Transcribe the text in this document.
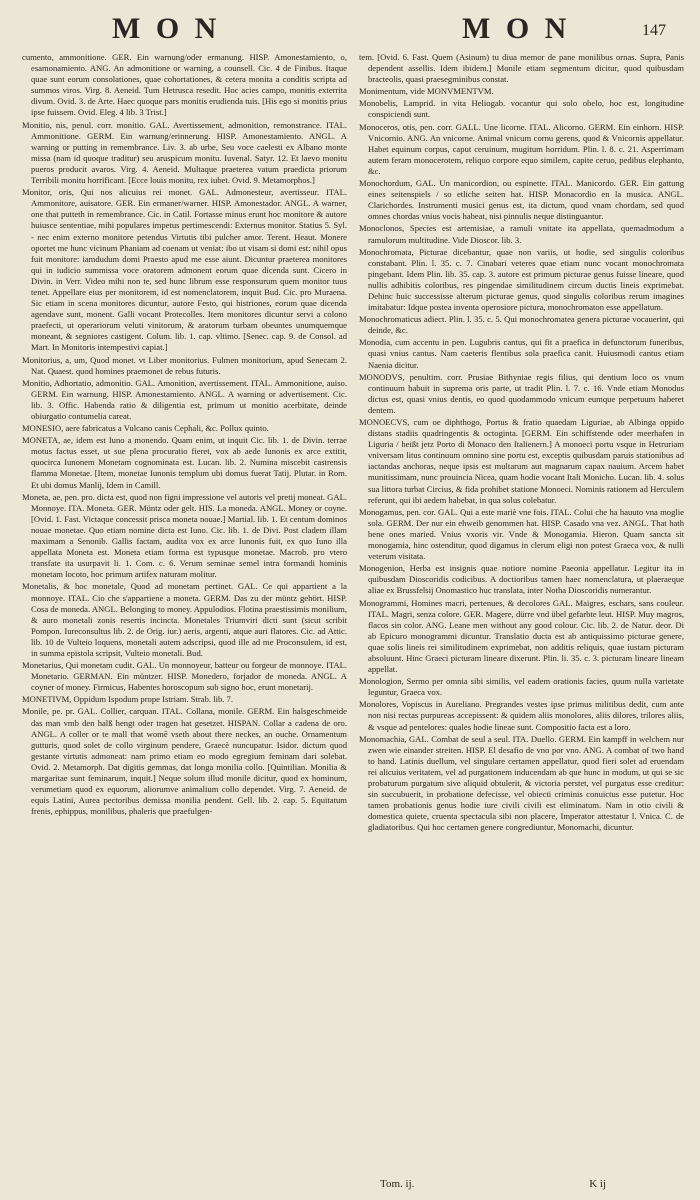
M O N	M O N	147

cumento, ammonitione. GER. Ein warnung/oder ermanung. HISP. Amonestamiento, o, esamonamiento. ANG. An admonitione or warning, a counsell. Cic. 4 de Finibus. Itaque quae sunt eorum consolationes, quae cohortationes, & cetera monita a conditis scripta ad summos viros. Virg. 8. Aeneid. Tum Hetrusca resedit. Hoc acies campo, monitis exterrita divum. Ovid. 3. de Arte. Haec quoque pars monitis erudienda tuis. [His ego si monitis prius ipse fuissem. Ovid. Eleg. 4 lib. 3 Trist.]

Monitio, nis, penul. corr. monitio. GAL. Avertissement, admonition, remonstrance. ITAL. Ammonitione. GERM. Ein warnung/erinnerung. HISP. Amonestamiento. ANGL. A warning or putting in remembrance. Liv. 3. ab urbe, Seu voce caelesti ex Albano monte missa (nam id quoque traditur) seu aruspicum monitu. Iuvenal. Satyr. 12. Et laevo monitu pueros producit avaros. Virg. 4. Aeneid. Multaque praeterea vatum praedicta priorum Terribili monitu horrificant. [Ecce louis monitu, rex iubet. Ovid. 9. Metamorphos.]

Monitor, oris, Qui nos alicuius rei monet. GAL. Admonesteur, avertisseur. ITAL. Ammonitore, auisatore. GER. Ein ermaner/warner. HISP. Amonestador. ANGL. A warner, one that putteth in remembrance. Cic. in Catil. Fortasse minus erunt hoc monitore & autore huiusce sententiae, mihi populares impetus pertimescendi: Externus monitor. Statius 5. Syl. - nec enim externo monitore petendus Virtutis tibi pulcher amor. Terent. Heaut. Monere oportet me hunc vicinum Phaniam ad coenam ut veniat: ibo ut visam si domi est: nihil opus fuit monitore: iamdudum domi Praesto apud me esse aiunt. Dicuntur praeterea monitores qui in iudicio summissa voce oratorem admonent eorum quae dicenda sunt. Cicero in Divin. in Verr. Video mihi non te, sed hunc librum esse responsurum quem monitor tuus tenet. Appellare eius per monitorem, id est nomenclatorem, inquit Bud. Cic. pro Muraena. Sic etiam in scena monitores dicuntur, autore Festo, qui histriones, eorum quae dicenda agendave sunt, monent. Galli vocant Protecolles. Item monitores dicuntur servi a colono praefecti, ut operariorum veluti vinitorum, & aratorum turbam obeuntes unumquemque moneant, & segniores castigent. Colum. lib. 1. cap. vltimo. [Senec. cap. 9. de Consol. ad Mart. In Monitoris intempestivi capiat.]

Monitorius, a, um, Quod monet. vt Liber monitorius. Fulmen monitorium, apud Senecam 2. Nat. Quaest. quod homines praemonet de rebus futuris.

Monitio, Adhortatio, admonitio. GAL. Amonition, avertissement. ITAL. Ammonitione, auiso. GERM. Ein warnung. HISP. Amonestamiento. ANGL. A warning or advertisement. Cic. lib. 3. Offic. Habenda ratio & diligentia est, primum ut monitio acerbitate, deinde obiurgatio contumelia careat.

MONESIO, aere fabricatus a Vulcano canis Cephali, &c. Pollux quinto.

MONETA, ae, idem est Iuno a monendo. Quam enim, ut inquit Cic. lib. 1. de Divin. terrae motus factus esset, ut sue plena procuratio fieret, vox ab aede Iunonis ex arce extitit, quocirca Iunonem Monetam cognominata est. Lucan. lib. 2. Numina miscebit castrensis flamma Monetae. [Item, monetae Iunonis templum ubi domus fuerat Tatij. Plutar. in Rom. Et ubi domus Manlij, Idem in Camill.

Moneta, ae, pen. pro. dicta est, quod non figni impressione vel autoris vel pretij moneat. GAL. Monnoye. ITA. Moneta. GER. Müntz oder gelt. HIS. La moneda. ANGL. Money or coyne. [Ovid. 1. Fast. Victaque concessit prisca moneta nouae.] Martial. lib. 1. Et centum dominos nouae monetae. Quo etiam nomine dicta est Iuno. Cic. lib. 1. de Divi. Post cladem illam maximam a Senonib. Gallis factam, audita vox ex arce Iunonis fuit, ex quo Iuno illa appellata Moneta est. Moneta etiam forma est typusque monetae. Macrob. pro vtero transfate ita usurpavit li. 1. Com. c. 6. Verum seminae semel intra formandi hominis monetam locoto, hoc primum artifex naturam molitur.

Monetalis, & hoc monetale, Quod ad monetam pertinet. GAL. Ce qui appartient a la monnoye. ITAL. Cio che s'appartiene a moneta. GERM. Das zu der müntz gehört. HISP. Cosa de moneda. ANGL. Belonging to money. Appulodios. Flotina praestissimis monilium, & auro monetali zonis resertis incincta. Monetales Triumviri dicti sunt (sicut scribit Pompon. Iureconsultus lib. 2. de Orig. iur.) aeris, argenti, atque auri flatores. Cic. ad Attic. lib. 10 de Vulteio loquens, monetali autem adscripsi, quod ille ad me Proconsulem, id est, in summa epistola scripsit, Vulteio monetali. Bud.

Monetarius, Qui monetam cudit. GAL. Un monnoyeur, batteur ou forgeur de monnoye. ITAL. Monetario. GERMAN. Ein müntzer. HISP. Monedero, forjador de moneda. ANGL. A coyner of money. Firmicus, Habentes horoscopum sub signo hoc, erunt monetarij.

MONETIVM, Oppidum Ispodum prope Istriam. Strab. lib. 7.

Monile, pe. pr. GAL. Collier, carquan. ITAL. Collana, monile. GERM. Ein halsgeschmeide das man vmb den halß hengt oder tragen hat gesetzet. HISPAN. Collar a cadena de oro. ANGL. A coller or te mall that womē vseth about there neckes, an ouche. Ornamentum gutturis, quod solet de collo virginum pendere, Graecè nuncupatur. Isidor. dictum quod gestante virtutis admoneat: nam primo etiam eo modo egregium feminam dari solebat. Ovid. 2. Metamorph. Dat digitis gemmas, dat longa monilia collo. [Quintilian. Monilia & margaritae sunt feminarum, inquit.] Neque solum illud monile dicitur, quod ex hominum, verumetiam quod ex equorum, aliorumve animalium collo dependet. Virg. 7. Aeneid. de equis Latini, Aurea pectoribus demissa monilia pendent. Gell. lib. 2. cap. 5. Equitatum frenis, ephippus, monilibus, phaleris que praefulgen-

tem. [Ovid. 6. Fast. Quem (Asinum) tu diua memor de pane monilibus ornas. Supra, Panis dependent assellis. Idem ibidem.] Monile etiam segmentum dicitur, quod quibusdam bracteolis, quasi praesegminibus constat.

Monimentum, vide MONVMENTVM.

Monobelis, Lamprid. in vita Heliogab. vocantur qui solo obelo, hoc est, longitudine conspiciendi sunt.

Monoceros, otis, pen. corr. GALL. Une licorne. ITAL. Alicorno. GERM. Ein einhorn. HISP. Vnicornio. ANG. An vnicorne. Animal vnicum cornu gerens, quod & Vnicornis appellatur. Habet equinum corpus, caput ceruinum, mugitum horridum. Plin. l. 8. c. 21. Asperrimam autem feram monocerotem, reliquo corpore equo similem, capite ceruo, pedibus elephanto, &c.

Monochordum, GAL. Un manicordion, ou espinette. ITAL. Manicordo. GER. Ein gattung eines seitenspiels / so etliche seiten hat. HISP. Monacordio en la musica. ANGL. Clarichordes. Instrumenti musici genus est, ita dictum, quod vnam chordam, sed quod omnes chordas vnius vocis habeat, nisi pinnulis neque distinguantur.

Monoclonos, Species est artemisiae, a ramuli vnitate ita appellata, quemadmodum a ramulorum multitudine. Vide Dioscor. lib. 3.

Monochromata, Picturae dicebantur, quae non variis, ut hodie, sed singulis coloribus constabant. Plin. l. 35. c. 7. Cinabari veteres quae etiam nunc vocant monochromata pingebant. Idem Plin. lib. 35. cap. 3. autore est primum picturae genus fuisse lineare, quod nullis adhibitis coloribus, res pingendae similitudinem circum ductis lineis exprimebat. Dehinc huic successisse alterum picturae genus, quod singulis coloribus rerum imagines imitabatur: Idque postea inventa operosiore pictura, monochromaton esse appellatum.

Monochromaticus adiect. Plin. l. 35. c. 5. Qui monochromatea genera picturae vocauerint, qui deinde, &c.

Monodia, cum accentu in pen. Lugubris cantus, qui fit a praefica in defunctorum funeribus, quasi vnius cantus. Nam caeteris flentibus sola praefica canit. Huiusmodi cantus etiam Naenia dicitur.

MONODVS, penultim. corr. Prusiae Bithyniae regis filius, qui dentium loco os vnum continuum habuit in suprema oris parte, ut tradit Plin. l. 7. c. 16. Vnde etiam Monodus dictus est, quasi vnius dentis, eo quod quodammodo vnicum eumque perpetuum haberet dentem.

MONOECVS, cum oe diphthogo, Portus & fratio quaedam Liguriae, ab Albinga oppido distans stadiis quadringentis & octoginta. [GERM. Ein schiffstende oder meerhafen in Liguria / heißt jetz Porto di Monaco den Italienern.] A monoeci portu vsque in Hetruriam vniversam litus continuum omnino sine portu est, exceptis quibusdam paruis stationibus ad iactandas anchoras, neque ipsis est multarum aut magnarum capax nauium. Arcem habet munitissimam, nunc prouincia Nicea, quam hodie vocant Itali Monicho. Lucan. lib. 4. solus sua littora turbat Circius, & fida prohibet statione Monoeci. Nominis rationem ad Herculem referunt, qui ibi aedem habebat, in qua solus colebatur.

Monogamus, pen. cor. GAL. Qui a este mariè vne fois. ITAL. Colui che ha hauuto vna moglie sola. GERM. Der nur ein ehweib genommen hat. HISP. Casado vna vez. ANGL. That hath bene ones maried. Vnius vxoris vir. Vnde & Monogamia. Hieron. Quam sancta sit monogamia, hinc ostenditur, quod digamus in clerum eligi non potest Graeca vox, & nulli veterum visitata.

Monogenion, Herba est insignis quae notiore nomine Paeonia appellatur. Legitur ita in quibusdam Dioscoridis codicibus. A doctioribus tamen haec nomenclatura, ut plaeraeque aliae ex Brussfelsij Onomastico huc translata, inter Notha Dioscoridis numerantur.

Monogrammi, Homines macri, pertenues, & decolores GAL. Maigres, eschars, sans couleur. ITAL. Magri, senza colore. GER. Magere, dürre vnd übel gefarbte leut. HISP. Muy magros, flacos sin color. ANG. Leane men without any good colour. Cic. lib. 2. de Natur. deor. Di ab Epicuro monogrammi dicuntur. Translatio ducta est ab antiquissimo picturae genere, quae solis lineis rei similitudinem exprimebat, non additis reliquis, quae iustam picturam absoluunt. Hinc Graeci picturam lineare dixerunt. Plin. li. 35. c. 3. picturam lineare lineam appellat.

Monologion, Sermo per omnia sibi similis, vel eadem orationis facies, quum nulla varietate leguntur, Graeca vox.

Monolores, Vopiscus in Aureliano. Pregrandes vestes ipse primus militibus dedit, cum ante non nisi rectas purpureas accepissent: & quidem aliis monolores, aliis dilores, trilores aliis, & vsque ad pentelores: quales hodie lineae sunt. Compositio facta est a loro.

Monomachia, GAL. Combat de seul a seul. ITA. Duello. GERM. Ein kampff in welchem nur zwen wie einander streiten. HISP. El desafio de vno por vno. ANG. A combat of two hand to hand. Latinis duellum, vel singulare certamen appellatur, quod fieri solet ad eruendam rei alicuius veritatem, vel ad purgationem inducendam ab que hunc in modum, ut qui se sic probaturum purgatum sive aliquid obtulerit, & victoria perstet, vel purgatus esse creditur: sin succubuerit, in probatione defecisse, vel obiecti criminis conuictus esse putetur. Hoc tamen probationis genus hodie iure civili civili est eliminatum. Nam in otio civili & domestica quiete, cruenta spectacula sibi non placere, Imperator attestatur l. Vnica. C. de gladiatoribus. Qui hoc certamen genere congrediuntur, Monomachi, dicuntur.

Tom. ij.	K ij
